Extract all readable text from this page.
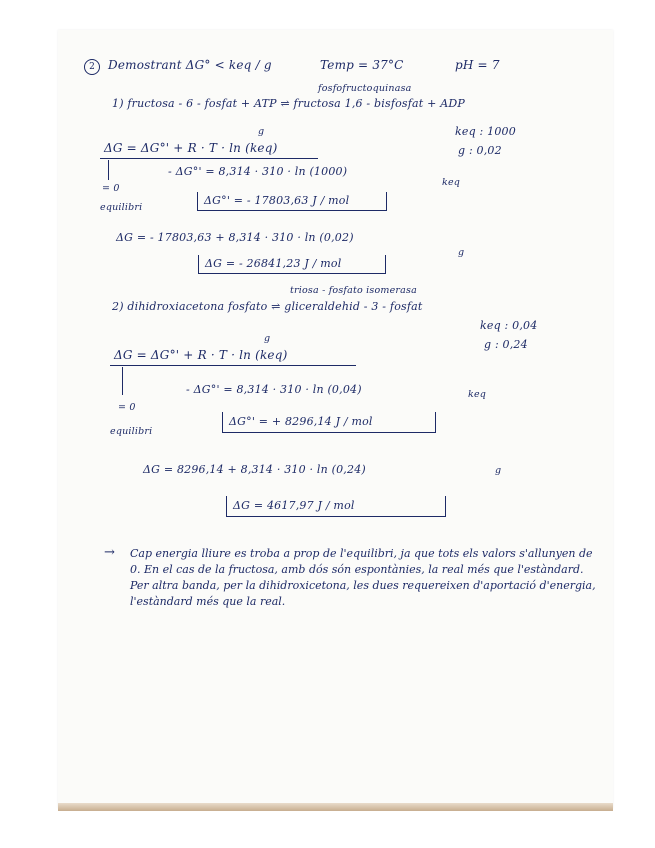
2	Demostrant ΔG° < keq / g	Temp = 37°C	pH = 7
fosfofructoquinasa
1) fructosa - 6 - fosfat + ATP ⇌ fructosa 1,6 - bisfosfat + ADP
keq : 1000
g : 0,02
g
ΔG = ΔG°' + R · T · ln (keq)
= 0
equilibri
- ΔG°' = 8,314 · 310 · ln (1000)
keq
ΔG°' = - 17803,63 J / mol
ΔG = - 17803,63 + 8,314 · 310 · ln (0,02)
g
ΔG = - 26841,23 J / mol
triosa - fosfato isomerasa
2) dihidroxiacetona fosfato ⇌ gliceraldehid - 3 - fosfat
keq : 0,04
g : 0,24
g
ΔG = ΔG°' + R · T · ln (keq)
= 0
equilibri
- ΔG°' = 8,314 · 310 · ln (0,04)	keq
ΔG°' = + 8296,14 J / mol
ΔG = 8296,14 + 8,314 · 310 · ln (0,24)	g
ΔG = 4617,97 J / mol
→ Cap energia lliure es troba a prop de l'equilibri, ja que tots els valors s'allunyen de 0. En el cas de la fructosa, amb dós són espontànies, la real més que l'estàndard. Per altra banda, per la dihidroxicetona, les dues requereixen d'aportació d'energia, l'estàndard més que la real.
